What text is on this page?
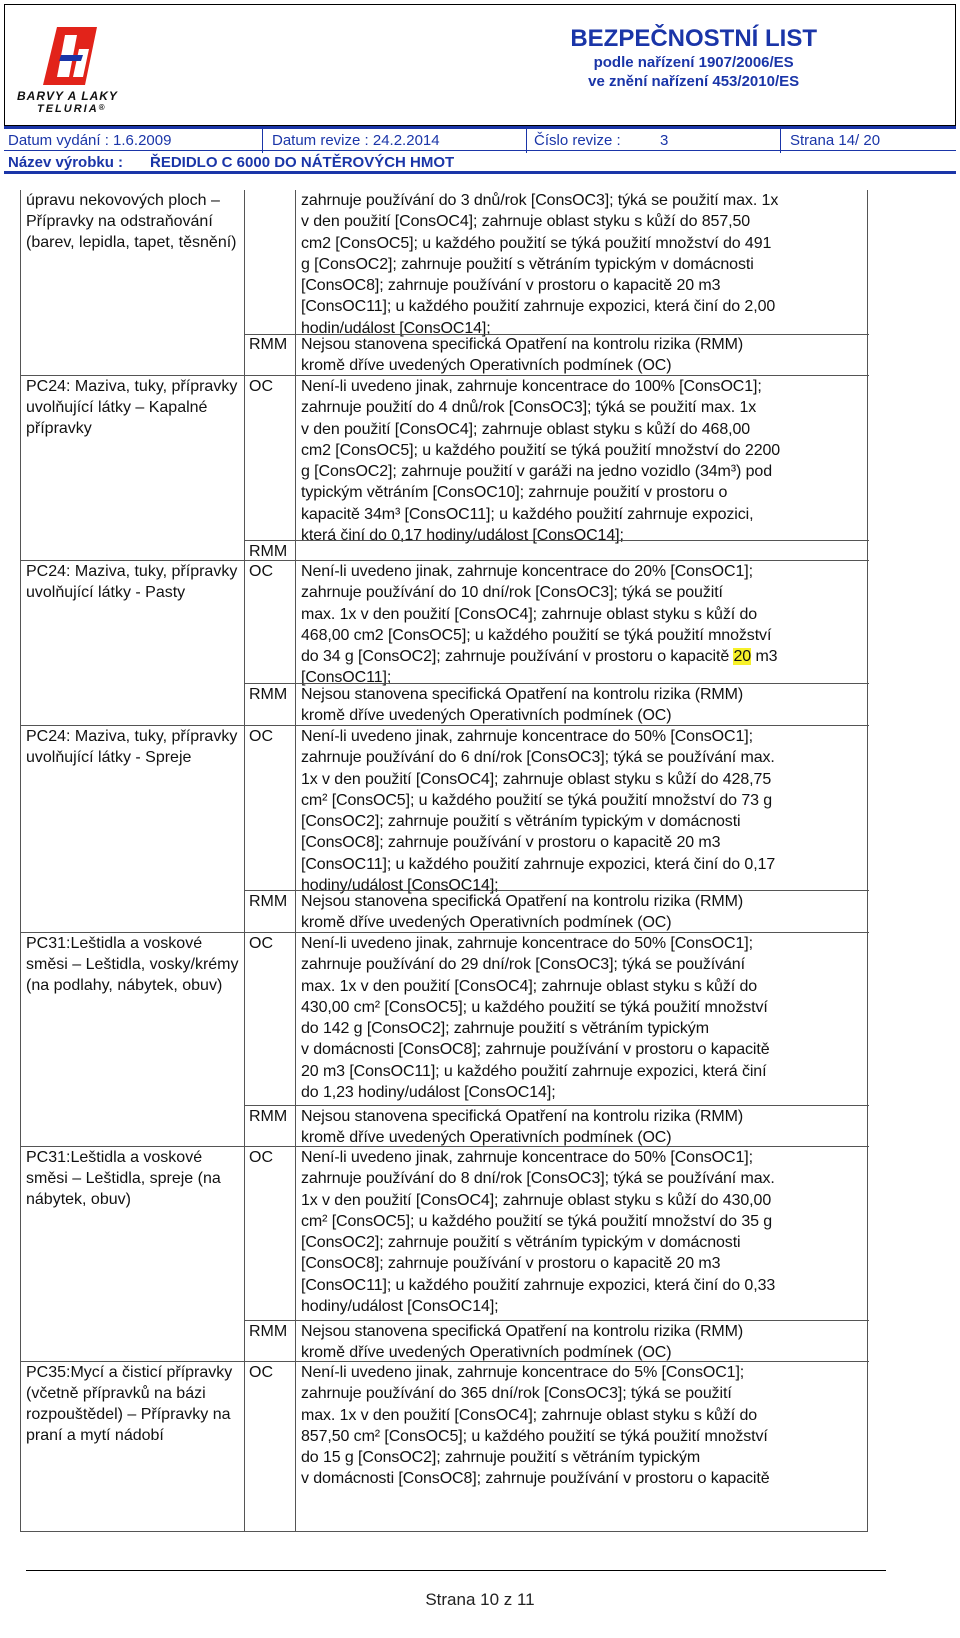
BARVY A LAKY
TELURIA®
BEZPEČNOSTNÍ LIST
podle nařízení 1907/2006/ES
ve znění nařízení 453/2010/ES
Datum vydání : 1.6.2009	Datum revize : 24.2.2014	Číslo revize :	3	Strana 14/ 20
Název výrobku : ŘEDIDLO C 6000 DO NÁTĚROVÝCH HMOT
úpravu nekovových ploch – Přípravky na odstraňování (barev, lepidla, tapet, těsnění)
zahrnuje používání do 3 dnů/rok [ConsOC3]; týká se použití max. 1x
v den použití [ConsOC4]; zahrnuje oblast styku s kůží do 857,50
cm2 [ConsOC5]; u každého použití se týká použití množství do 491
g [ConsOC2]; zahrnuje použití s větráním typickým v domácnosti
[ConsOC8]; zahrnuje používání v prostoru o kapacitě 20 m3
[ConsOC11]; u každého použití zahrnuje expozici, která činí do 2,00
hodin/událost [ConsOC14];
RMM Nejsou stanovena specifická Opatření na kontrolu rizika (RMM)
kromě dříve uvedených Operativních podmínek (OC)
PC24: Maziva, tuky, přípravky uvolňující látky – Kapalné přípravky
OC	Není-li uvedeno jinak, zahrnuje koncentrace do 100% [ConsOC1];
zahrnuje použití do 4 dnů/rok [ConsOC3]; týká se použití max. 1x
v den použití [ConsOC4]; zahrnuje oblast styku s kůží do 468,00
cm2 [ConsOC5]; u každého použití se týká použití množství do 2200
g [ConsOC2]; zahrnuje použití v garáži na jedno vozidlo (34m³) pod
typickým větráním [ConsOC10]; zahrnuje použití v prostoru o
kapacitě 34m³ [ConsOC11]; u každého použití zahrnuje expozici,
která činí do 0,17 hodiny/událost [ConsOC14];
RMM
PC24: Maziva, tuky, přípravky uvolňující látky - Pasty
OC	Není-li uvedeno jinak, zahrnuje koncentrace do 20% [ConsOC1];
zahrnuje používání do 10 dní/rok [ConsOC3]; týká se použití
max. 1x v den použití [ConsOC4]; zahrnuje oblast styku s kůží do
468,00 cm2 [ConsOC5]; u každého použití se týká použití množství
do 34 g [ConsOC2]; zahrnuje používání v prostoru o kapacitě 20 m3
[ConsOC11];
RMM Nejsou stanovena specifická Opatření na kontrolu rizika (RMM)
kromě dříve uvedených Operativních podmínek (OC)
PC24: Maziva, tuky, přípravky uvolňující látky - Spreje
OC	Není-li uvedeno jinak, zahrnuje koncentrace do 50% [ConsOC1];
zahrnuje používání do 6 dní/rok [ConsOC3]; týká se používání max.
1x v den použití [ConsOC4]; zahrnuje oblast styku s kůží do 428,75
cm² [ConsOC5]; u každého použití se týká použití množství do 73 g
[ConsOC2]; zahrnuje použití s větráním typickým v domácnosti
[ConsOC8]; zahrnuje používání v prostoru o kapacitě 20 m3
[ConsOC11]; u každého použití zahrnuje expozici, která činí do 0,17
hodiny/událost [ConsOC14];
RMM Nejsou stanovena specifická Opatření na kontrolu rizika (RMM)
kromě dříve uvedených Operativních podmínek (OC)
PC31:Leštidla a voskové směsi – Leštidla, vosky/krémy (na podlahy, nábytek, obuv)
OC	Není-li uvedeno jinak, zahrnuje koncentrace do 50% [ConsOC1];
zahrnuje používání do 29 dní/rok [ConsOC3]; týká se používání
max. 1x v den použití [ConsOC4]; zahrnuje oblast styku s kůží do
430,00 cm² [ConsOC5]; u každého použití se týká použití množství
do 142 g [ConsOC2]; zahrnuje použití s větráním typickým
v domácnosti [ConsOC8]; zahrnuje používání v prostoru o kapacitě
20 m3 [ConsOC11]; u každého použití zahrnuje expozici, která činí
do 1,23 hodiny/událost [ConsOC14];
RMM Nejsou stanovena specifická Opatření na kontrolu rizika (RMM)
kromě dříve uvedených Operativních podmínek (OC)
PC31:Leštidla a voskové směsi – Leštidla, spreje (na nábytek, obuv)
OC	Není-li uvedeno jinak, zahrnuje koncentrace do 50% [ConsOC1];
zahrnuje používání do 8 dní/rok [ConsOC3]; týká se používání max.
1x v den použití [ConsOC4]; zahrnuje oblast styku s kůží do 430,00
cm² [ConsOC5]; u každého použití se týká použití množství do 35 g
[ConsOC2]; zahrnuje použití s větráním typickým v domácnosti
[ConsOC8]; zahrnuje používání v prostoru o kapacitě 20 m3
[ConsOC11]; u každého použití zahrnuje expozici, která činí do 0,33
hodiny/událost [ConsOC14];
RMM Nejsou stanovena specifická Opatření na kontrolu rizika (RMM)
kromě dříve uvedených Operativních podmínek (OC)
PC35:Mycí a čisticí přípravky (včetně přípravků na bázi rozpouštědel) – Přípravky na praní a mytí nádobí
OC	Není-li uvedeno jinak, zahrnuje koncentrace do 5% [ConsOC1];
zahrnuje používání do 365 dní/rok [ConsOC3]; týká se použití
max. 1x v den použití [ConsOC4]; zahrnuje oblast styku s kůží do
857,50 cm² [ConsOC5]; u každého použití se týká použití množství
do 15 g [ConsOC2]; zahrnuje použití s větráním typickým
v domácnosti [ConsOC8]; zahrnuje používání v prostoru o kapacitě
Strana 10 z 11
